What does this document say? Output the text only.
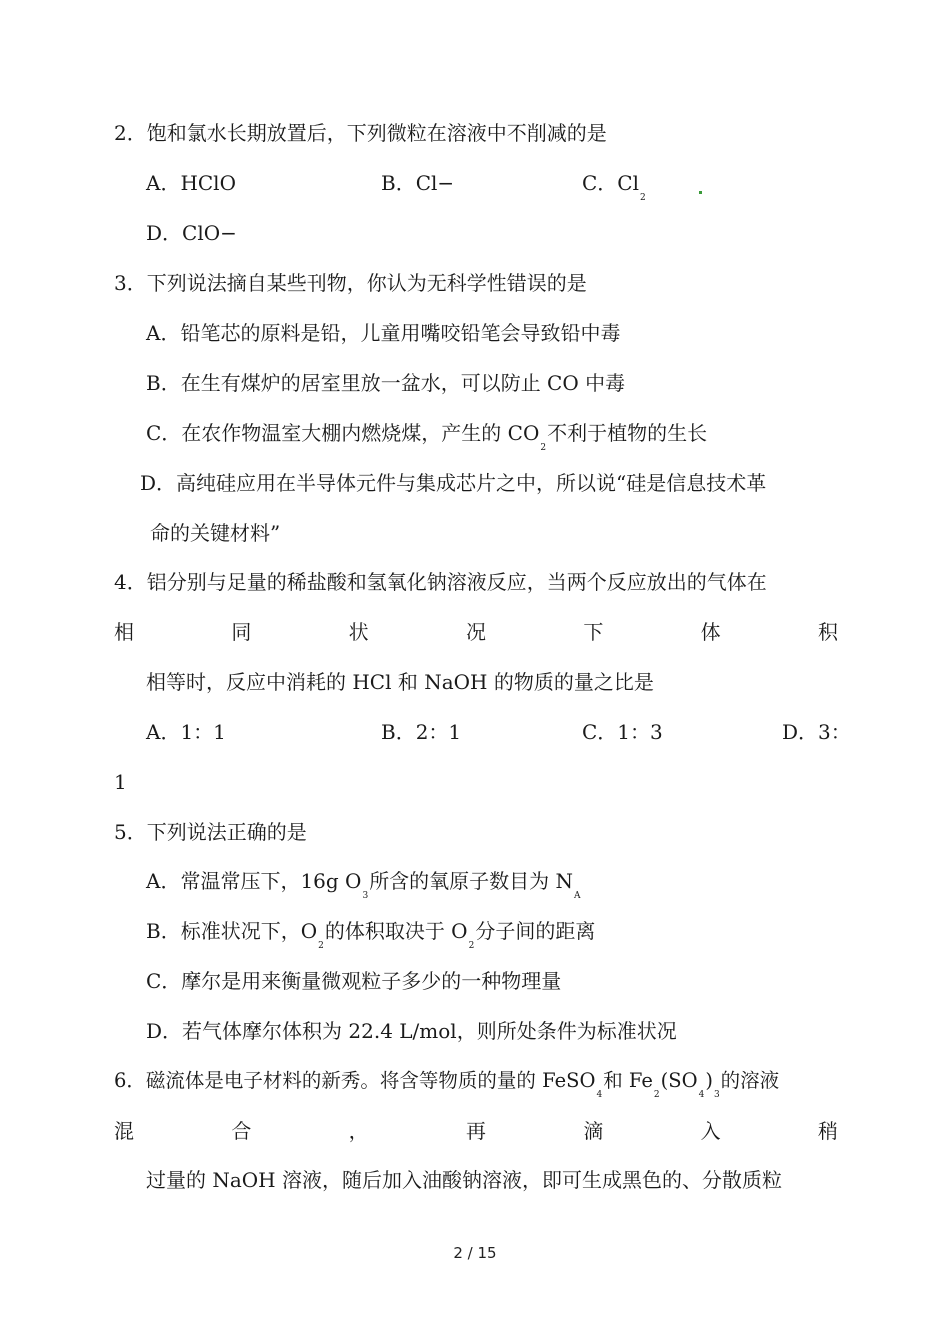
2．饱和氯水长期放置后，下列微粒在溶液中不削减的是
A．HClO	B．Cl−	C．$Cl_2$
D．ClO−
3．下列说法摘自某些刊物，你认为无科学性错误的是
A．铅笔芯的原料是铅，儿童用嘴咬铅笔会导致铅中毒
B．在生有煤炉的居室里放一盆水，可以防止 CO 中毒
C．在农作物温室大棚内燃烧煤，产生的 $CO_2$不利于植物的生长
D．高纯硅应用在半导体元件与集成芯片之中，所以说“硅是信息技术革
命的关键材料”
4．铝分别与足量的稀盐酸和氢氧化钠溶液反应，当两个反应放出的气体在
相	同	状	况	下	体	积
相等时，反应中消耗的 HCl 和 NaOH 的物质的量之比是
A．1：1	B．2：1	C．1：3	D．3：
1
5．下列说法正确的是
A．常温常压下，16g $O_3$所含的氧原子数目为 $N_A$
B．标准状况下，$O_2$的体积取决于 $O_2$分子间的距离
C．摩尔是用来衡量微观粒子多少的一种物理量
D．若气体摩尔体积为 22.4 L/mol，则所处条件为标准状况
6．磁流体是电子材料的新秀。将含等物质的量的 FeSO$_4$和 $Fe_2(SO_4)_3$的溶液
混	合	，	再	滴	入	稍
过量的 NaOH 溶液，随后加入油酸钠溶液，即可生成黑色的、分散质粒
2 / 15
